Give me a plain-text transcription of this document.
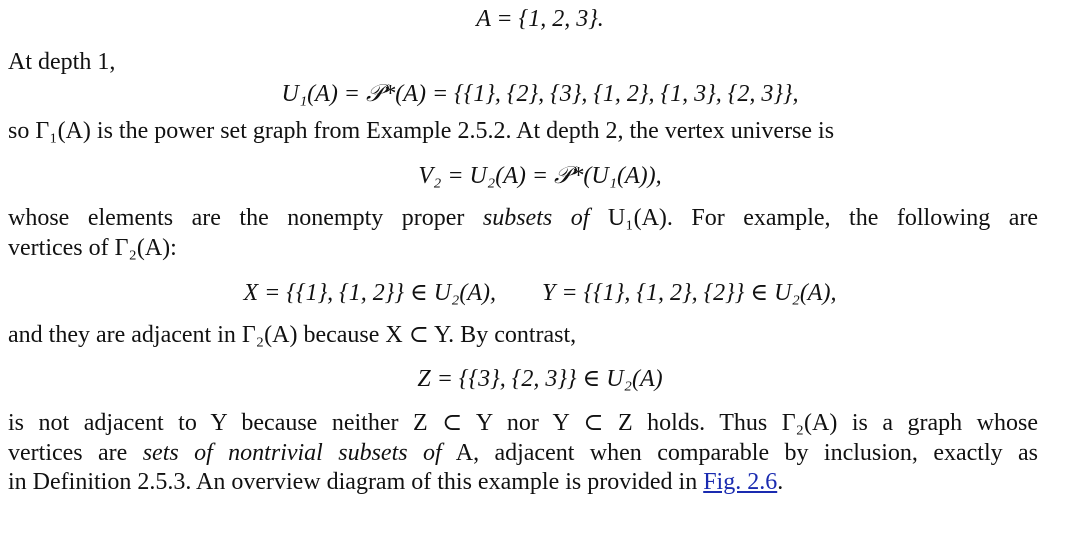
A = {1, 2, 3}.
At depth 1,
U₁(A) = 𝒫*(A) = {{1}, {2}, {3}, {1, 2}, {1, 3}, {2, 3}},
so Γ₁(A) is the power set graph from Example 2.5.2. At depth 2, the vertex universe is
V₂ = U₂(A) = 𝒫*(U₁(A)),
whose elements are the nonempty proper subsets of U₁(A). For example, the following are
vertices of Γ₂(A):
X = {{1}, {1, 2}} ∈ U₂(A), Y = {{1}, {1, 2}, {2}} ∈ U₂(A),
and they are adjacent in Γ₂(A) because X ⊂ Y. By contrast,
Z = {{3}, {2, 3}} ∈ U₂(A)
is not adjacent to Y because neither Z ⊂ Y nor Y ⊂ Z holds. Thus Γ₂(A) is a graph whose
vertices are sets of nontrivial subsets of A, adjacent when comparable by inclusion, exactly as
in Definition 2.5.3. An overview diagram of this example is provided in Fig. 2.6.
